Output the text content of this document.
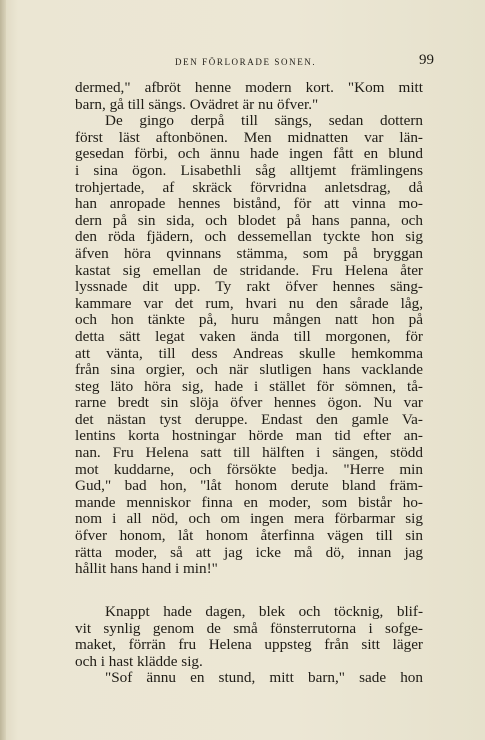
DEN FÖRLORADE SONEN.	99
dermed," afbröt henne modern kort. "Kom mitt
barn, gå till sängs. Ovädret är nu öfver."
De gingo derpå till sängs, sedan dottern
först läst aftonbönen. Men midnatten var län-
gesedan förbi, och ännu hade ingen fått en blund
i sina ögon. Lisabethli såg alltjemt främlingens
trohjertade, af skräck förvridna anletsdrag, då
han anropade hennes bistånd, för att vinna mo-
dern på sin sida, och blodet på hans panna, och
den röda fjädern, och dessemellan tyckte hon sig
äfven höra qvinnans stämma, som på bryggan
kastat sig emellan de stridande. Fru Helena åter
lyssnade dit upp. Ty rakt öfver hennes säng-
kammare var det rum, hvari nu den sårade låg,
och hon tänkte på, huru mången natt hon på
detta sätt legat vaken ända till morgonen, för
att vänta, till dess Andreas skulle hemkomma
från sina orgier, och när slutligen hans vacklande
steg läto höra sig, hade i stället för sömnen, tå-
rarne bredt sin slöja öfver hennes ögon. Nu var
det nästan tyst deruppe. Endast den gamle Va-
lentins korta hostningar hörde man tid efter an-
nan. Fru Helena satt till hälften i sängen, stödd
mot kuddarne, och försökte bedja. "Herre min
Gud," bad hon, "låt honom derute bland främ-
mande menniskor finna en moder, som bistår ho-
nom i all nöd, och om ingen mera förbarmar sig
öfver honom, låt honom återfinna vägen till sin
rätta moder, så att jag icke må dö, innan jag
hållit hans hand i min!"
Knappt hade dagen, blek och töcknig, blif-
vit synlig genom de små fönsterrutorna i sofge-
maket, förrän fru Helena uppsteg från sitt läger
och i hast klädde sig.
"Sof ännu en stund, mitt barn," sade hon
